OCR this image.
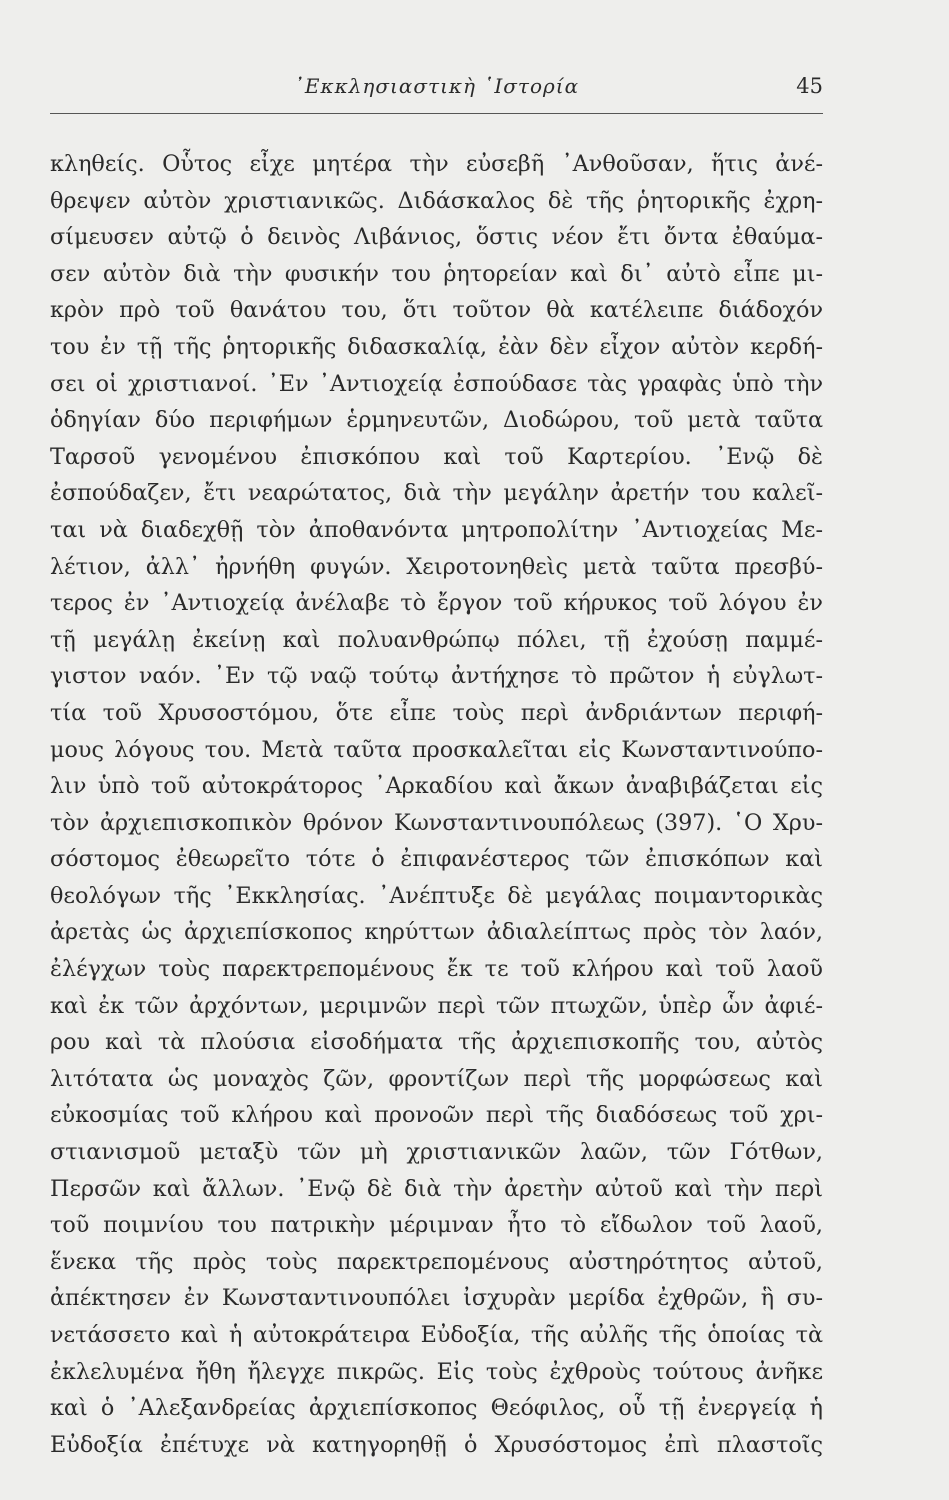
᾿Εκκλησιαστικὴ ῾Ιστορία	45
κληθείς. Οὗτος εἶχε μητέρα τὴν εὐσεβῆ ᾿Ανθοῦσαν, ἥτις ἀνέ-
θρεψεν αὐτὸν χριστιανικῶς. Διδάσκαλος δὲ τῆς ῥητορικῆς ἐχρη-
σίμευσεν αὐτῷ ὁ δεινὸς Λιβάνιος, ὅστις νέον ἔτι ὄντα ἐθαύμα-
σεν αὐτὸν διὰ τὴν φυσικήν του ῥητορείαν καὶ δι᾿ αὐτὸ εἶπε μι-
κρὸν πρὸ τοῦ θανάτου του, ὅτι τοῦτον θὰ κατέλειπε διάδοχόν
του ἐν τῇ τῆς ῥητορικῆς διδασκαλίᾳ, ἐὰν δὲν εἶχον αὐτὸν κερδή-
σει οἱ χριστιανοί. ᾿Εν ᾿Αντιοχείᾳ ἐσπούδασε τὰς γραφὰς ὑπὸ τὴν
ὁδηγίαν δύο περιφήμων ἑρμηνευτῶν, Διοδώρου, τοῦ μετὰ ταῦτα
Ταρσοῦ γενομένου ἐπισκόπου καὶ τοῦ Καρτερίου. ᾿Ενῷ δὲ
ἐσπούδαζεν, ἔτι νεαρώτατος, διὰ τὴν μεγάλην ἀρετήν του καλεῖ-
ται νὰ διαδεχθῇ τὸν ἀποθανόντα μητροπολίτην ᾿Αντιοχείας Με-
λέτιον, ἀλλ᾿ ἠρνήθη φυγών. Χειροτονηθεὶς μετὰ ταῦτα πρεσβύ-
τερος ἐν ᾿Αντιοχείᾳ ἀνέλαβε τὸ ἔργον τοῦ κήρυκος τοῦ λόγου ἐν
τῇ μεγάλῃ ἐκείνῃ καὶ πολυανθρώπῳ πόλει, τῇ ἐχούσῃ παμμέ-
γιστον ναόν. ᾿Εν τῷ ναῷ τούτῳ ἀντήχησε τὸ πρῶτον ἡ εὐγλωτ-
τία τοῦ Χρυσοστόμου, ὅτε εἶπε τοὺς περὶ ἀνδριάντων περιφή-
μους λόγους του. Μετὰ ταῦτα προσκαλεῖται εἰς Κωνσταντινούπο-
λιν ὑπὸ τοῦ αὐτοκράτορος ᾿Αρκαδίου καὶ ἄκων ἀναβιβάζεται εἰς
τὸν ἀρχιεπισκοπικὸν θρόνον Κωνσταντινουπόλεως (397). ῾Ο Χρυ-
σόστομος ἐθεωρεῖτο τότε ὁ ἐπιφανέστερος τῶν ἐπισκόπων καὶ
θεολόγων τῆς ᾿Εκκλησίας. ᾿Ανέπτυξε δὲ μεγάλας ποιμαντορικὰς
ἀρετὰς ὡς ἀρχιεπίσκοπος κηρύττων ἀδιαλείπτως πρὸς τὸν λαόν,
ἐλέγχων τοὺς παρεκτρεπομένους ἔκ τε τοῦ κλήρου καὶ τοῦ λαοῦ
καὶ ἐκ τῶν ἀρχόντων, μεριμνῶν περὶ τῶν πτωχῶν, ὑπὲρ ὧν ἀφιέ-
ρου καὶ τὰ πλούσια εἰσοδήματα τῆς ἀρχιεπισκοπῆς του, αὐτὸς
λιτότατα ὡς μοναχὸς ζῶν, φροντίζων περὶ τῆς μορφώσεως καὶ
εὐκοσμίας τοῦ κλήρου καὶ προνοῶν περὶ τῆς διαδόσεως τοῦ χρι-
στιανισμοῦ μεταξὺ τῶν μὴ χριστιανικῶν λαῶν, τῶν Γότθων,
Περσῶν καὶ ἄλλων. ᾿Ενῷ δὲ διὰ τὴν ἀρετὴν αὐτοῦ καὶ τὴν περὶ
τοῦ ποιμνίου του πατρικὴν μέριμναν ἦτο τὸ εἴδωλον τοῦ λαοῦ,
ἕνεκα τῆς πρὸς τοὺς παρεκτρεπομένους αὐστηρότητος αὐτοῦ,
ἀπέκτησεν ἐν Κωνσταντινουπόλει ἰσχυρὰν μερίδα ἐχθρῶν, ἣ συ-
νετάσσετο καὶ ἡ αὐτοκράτειρα Εὐδοξία, τῆς αὐλῆς τῆς ὁποίας τὰ
ἐκλελυμένα ἤθη ἤλεγχε πικρῶς. Εἰς τοὺς ἐχθροὺς τούτους ἀνῆκε
καὶ ὁ ᾿Αλεξανδρείας ἀρχιεπίσκοπος Θεόφιλος, οὗ τῇ ἐνεργείᾳ ἡ
Εὐδοξία ἐπέτυχε νὰ κατηγορηθῇ ὁ Χρυσόστομος ἐπὶ πλαστοῖς
